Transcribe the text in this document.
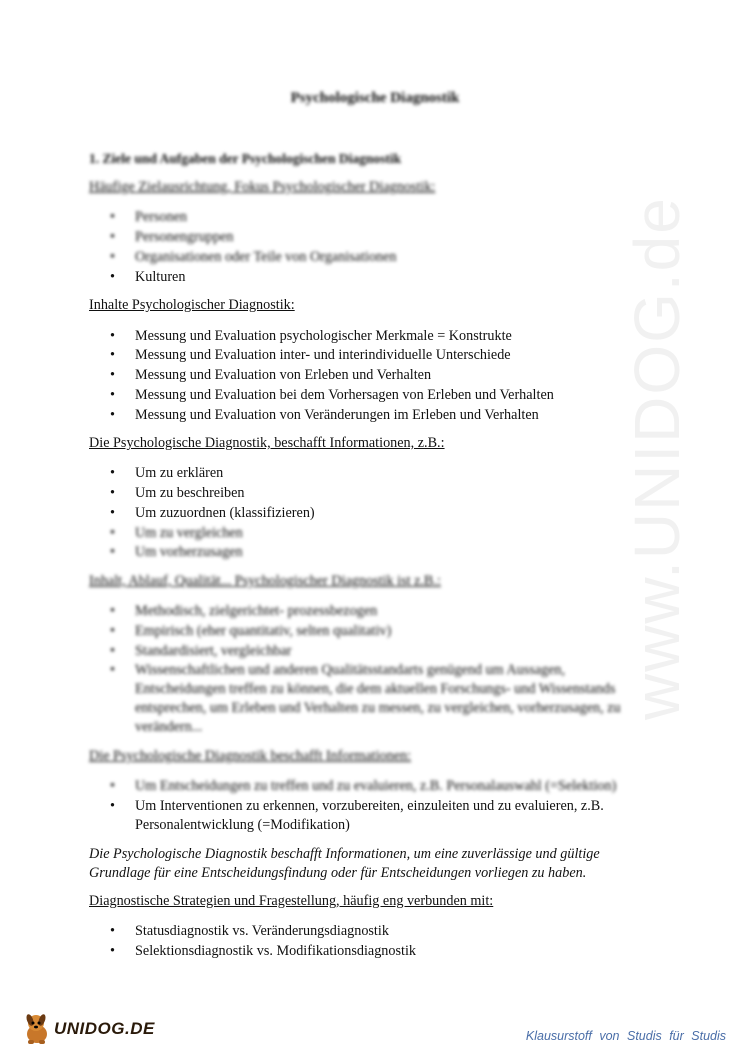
www.UNIDOG.de
Psychologische Diagnostik
1. Ziele und Aufgaben der Psychologischen Diagnostik
Häufige Zielausrichtung, Fokus Psychologischer Diagnostik:
• Personen
• Personengruppen
• Organisationen oder Teile von Organisationen
• Kulturen
Inhalte Psychologischer Diagnostik:
• Messung und Evaluation psychologischer Merkmale = Konstrukte
• Messung und Evaluation inter- und interindividuelle Unterschiede
• Messung und Evaluation von Erleben und Verhalten
• Messung und Evaluation bei dem Vorhersagen von Erleben und Verhalten
• Messung und Evaluation von Veränderungen im Erleben und Verhalten
Die Psychologische Diagnostik, beschafft Informationen, z.B.:
• Um zu erklären
• Um zu beschreiben
• Um zuzuordnen (klassifizieren)
• Um zu vergleichen
• Um vorherzusagen
Inhalt, Ablauf, Qualität... Psychologischer Diagnostik ist z.B.:
• Methodisch, zielgerichtet- prozessbezogen
• Empirisch (eher quantitativ, selten qualitativ)
• Standardisiert, vergleichbar
• Wissenschaftlichen und anderen Qualitätsstandarts genügend um Aussagen,
Entscheidungen treffen zu können, die dem aktuellen Forschungs- und Wissenstands
entsprechen, um Erleben und Verhalten zu messen, zu vergleichen, vorherzusagen, zu
verändern...
Die Psychologische Diagnostik beschafft Informationen:
• Um Entscheidungen zu treffen und zu evaluieren, z.B. Personalauswahl (=Selektion)
• Um Interventionen zu erkennen, vorzubereiten, einzuleiten und zu evaluieren, z.B.
Personalentwicklung (=Modifikation)
Die Psychologische Diagnostik beschafft Informationen, um eine zuverlässige und gültige
Grundlage für eine Entscheidungsfindung oder für Entscheidungen vorliegen zu haben.
Diagnostische Strategien und Fragestellung, häufig eng verbunden mit:
• Statusdiagnostik vs. Veränderungsdiagnostik
• Selektionsdiagnostik vs. Modifikationsdiagnostik
UNIDOG.DE	Klausurstoff von Studis für Studis
